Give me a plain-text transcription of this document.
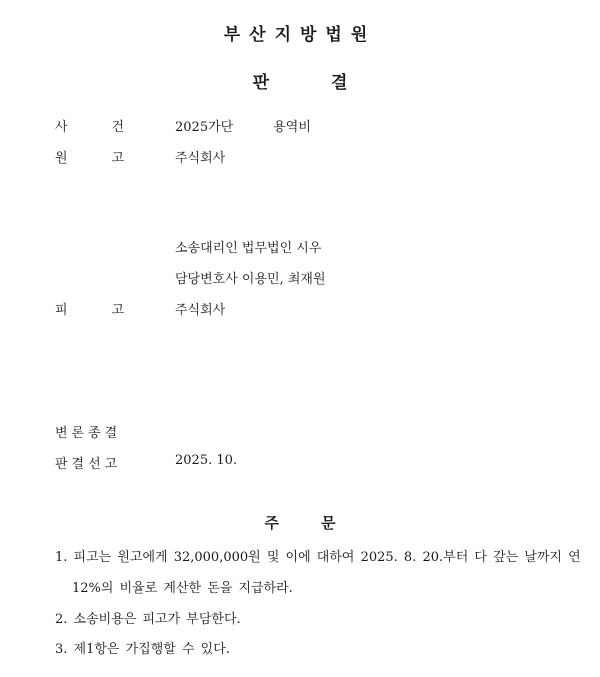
부산지방법원
판	결
사	건	2025가단	용역비
원	고	주식회사
소송대리인 법무법인 시우
담당변호사 이용민, 최재원
피	고	주식회사
변론종결
판결선고	2025. 10.
주	문
1. 피고는 원고에게 32,000,000원 및 이에 대하여 2025. 8. 20.부터 다 갚는 날까지 연
12%의 비율로 계산한 돈을 지급하라.
2. 소송비용은 피고가 부담한다.
3. 제1항은 가집행할 수 있다.
